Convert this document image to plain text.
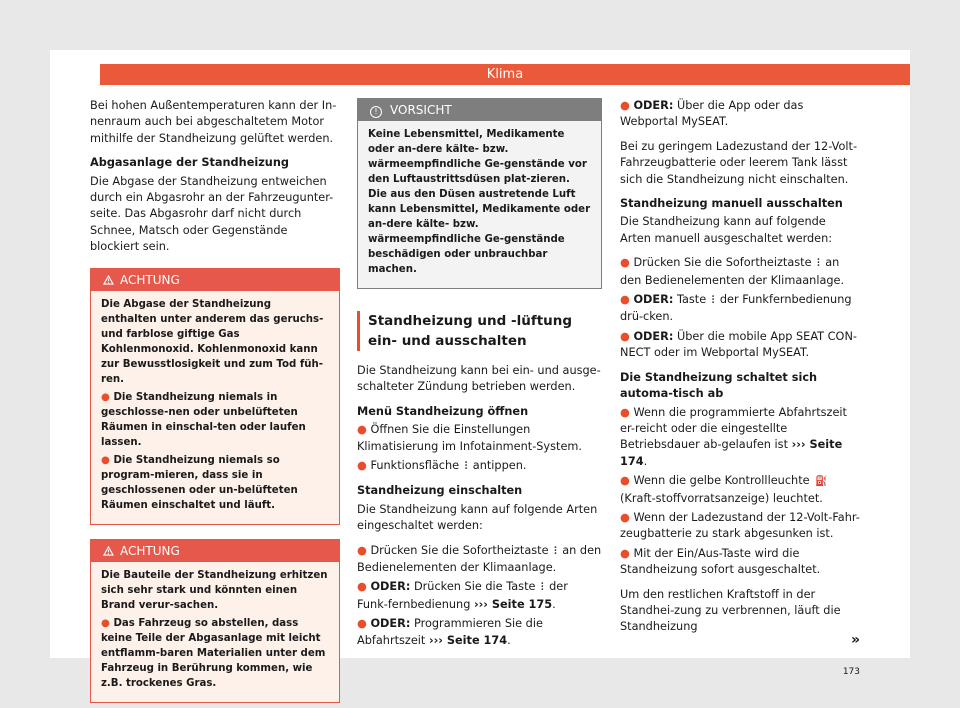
Klima

Bei hohen Außentemperaturen kann der In-nenraum auch bei abgeschaltetem Motor mithilfe der Standheizung gelüftet werden.

Abgasanlage der Standheizung

Die Abgase der Standheizung entweichen durch ein Abgasrohr an der Fahrzeugunter-seite. Das Abgasrohr darf nicht durch Schnee, Matsch oder Gegenstände blockiert sein.

ACHTUNG

Die Abgase der Standheizung enthalten unter anderem das geruchs- und farblose giftige Gas Kohlenmonoxid. Kohlenmonoxid kann zur Bewusstlosigkeit und zum Tod füh-ren.

● Die Standheizung niemals in geschlosse-nen oder unbelüfteten Räumen in einschal-ten oder laufen lassen.

● Die Standheizung niemals so program-mieren, dass sie in geschlossenen oder un-belüfteten Räumen einschaltet und läuft.

ACHTUNG

Die Bauteile der Standheizung erhitzen sich sehr stark und könnten einen Brand verur-sachen.

● Das Fahrzeug so abstellen, dass keine Teile der Abgasanlage mit leicht entflamm-baren Materialien unter dem Fahrzeug in Berührung kommen, wie z.B. trockenes Gras.

! VORSICHT

Keine Lebensmittel, Medikamente oder an-dere kälte- bzw. wärmeempfindliche Ge-genstände vor den Luftaustrittsdüsen plat-zieren. Die aus den Düsen austretende Luft kann Lebensmittel, Medikamente oder an-dere kälte- bzw. wärmeempfindliche Ge-genstände beschädigen oder unbrauchbar machen.

Standheizung und -lüftung ein- und ausschalten

Die Standheizung kann bei ein- und ausge-schalteter Zündung betrieben werden.

Menü Standheizung öffnen

● Öffnen Sie die Einstellungen Klimatisierung im Infotainment-System.

● Funktionsfläche ⫶ antippen.

Standheizung einschalten

Die Standheizung kann auf folgende Arten eingeschaltet werden:

● Drücken Sie die Sofortheiztaste ⫶ an den Bedienelementen der Klimaanlage.

● ODER: Drücken Sie die Taste ⫶ der Funk-fernbedienung ››› Seite 175.

● ODER: Programmieren Sie die Abfahrtszeit ››› Seite 174.

● ODER: Über die App oder das Webportal MySEAT.

Bei zu geringem Ladezustand der 12-Volt-Fahrzeugbatterie oder leerem Tank lässt sich die Standheizung nicht einschalten.

Standheizung manuell ausschalten

Die Standheizung kann auf folgende Arten manuell ausgeschaltet werden:

● Drücken Sie die Sofortheiztaste ⫶ an den Bedienelementen der Klimaanlage.

● ODER: Taste ⫶ der Funkfernbedienung drü-cken.

● ODER: Über die mobile App SEAT CON-NECT oder im Webportal MySEAT.

Die Standheizung schaltet sich automa-tisch ab

● Wenn die programmierte Abfahrtszeit er-reicht oder die eingestellte Betriebsdauer ab-gelaufen ist ››› Seite 174.

● Wenn die gelbe Kontrollleuchte ⛽ (Kraft-stoffvorratsanzeige) leuchtet.

● Wenn der Ladezustand der 12-Volt-Fahr-zeugbatterie zu stark abgesunken ist.

● Mit der Ein/Aus-Taste wird die Standheizung sofort ausgeschaltet.

Um den restlichen Kraftstoff in der Standhei-zung zu verbrennen, läuft die Standheizung

»
173
